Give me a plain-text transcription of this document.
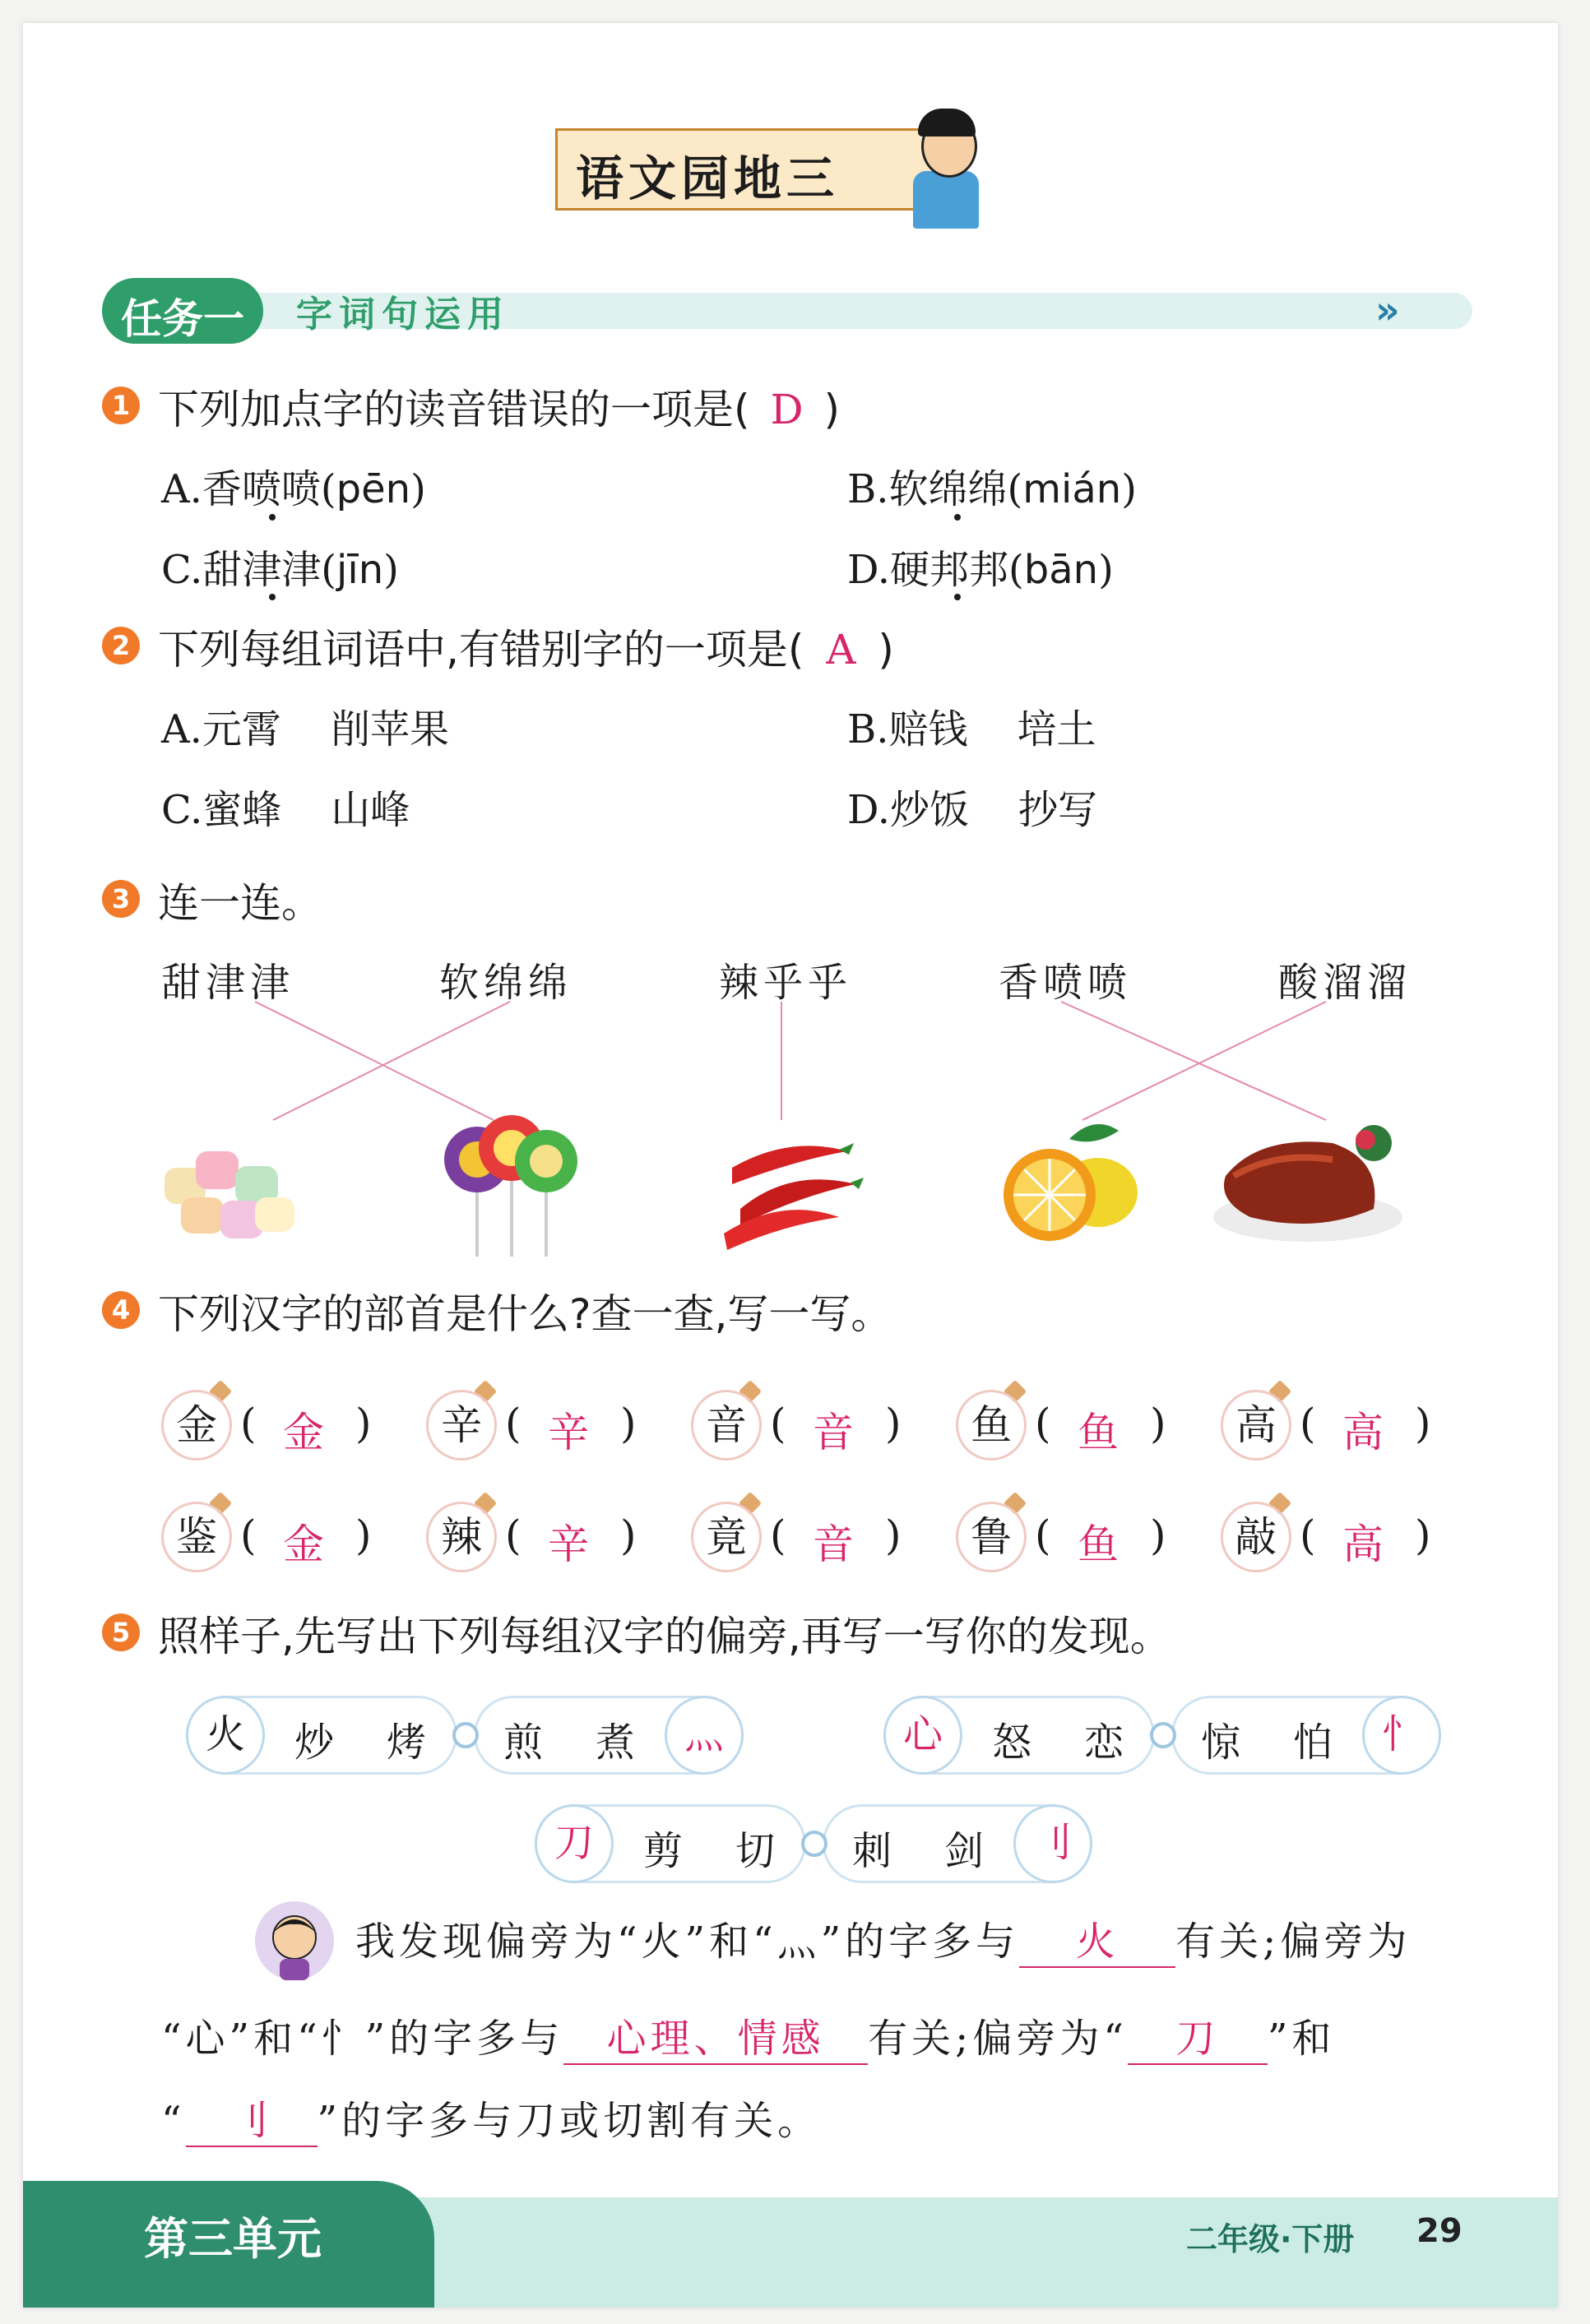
语文园地三
任务一	字词句运用	»
1 下列加点字的读音错误的一项是( D )
A.香喷喷(pēn)	B.软绵绵(mián)
C.甜津津(jīn)	D.硬邦邦(bān)
2 下列每组词语中,有错别字的一项是( A )
A.元霄 削苹果	B.赔钱 培土
C.蜜蜂 山峰	D.炒饭 抄写
3 连一连。
甜津津	软绵绵	辣乎乎	香喷喷	酸溜溜
4 下列汉字的部首是什么?查一查,写一写。
金 ( 金 )	辛 ( 辛 )	音 ( 音 )	鱼 ( 鱼 )	高 ( 高 )
鉴 ( 金 )	辣 ( 辛 )	竟 ( 音 )	鲁 ( 鱼 )	敲 ( 高 )
5 照样子,先写出下列每组汉字的偏旁,再写一写你的发现。
火	炒 烤 煎 煮	灬	心	怒 恋 惊 怕	忄
刀	剪 切 刺 剑	刂
我发现偏旁为“火”和“灬”的字多与 火 有关;偏旁为
“心”和“忄”的字多与 心理、情感 有关;偏旁为“ 刀 ”和
“ 刂 ”的字多与刀或切割有关。
第三单元	二年级·下册 29
